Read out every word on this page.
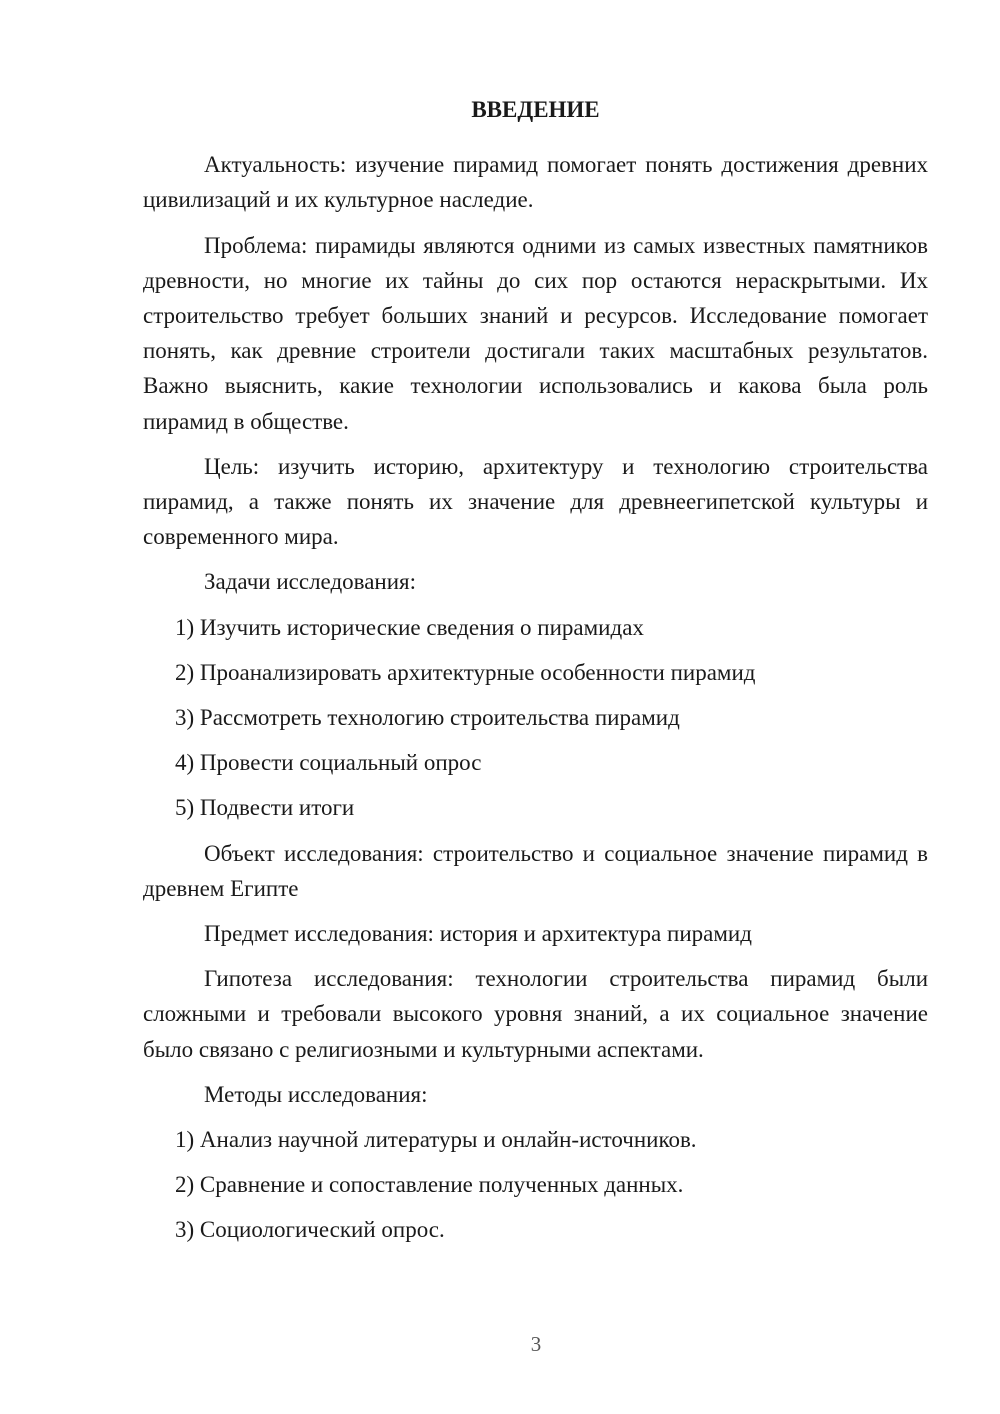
ВВЕДЕНИЕ

Актуальность: изучение пирамид помогает понять достижения древних цивилизаций и их культурное наследие.

Проблема: пирамиды являются одними из самых известных памятников древности, но многие их тайны до сих пор остаются нераскрытыми. Их строительство требует больших знаний и ресурсов. Исследование помогает понять, как древние строители достигали таких масштабных результатов. Важно выяснить, какие технологии использовались и какова была роль пирамид в обществе.

Цель: изучить историю, архитектуру и технологию строительства пирамид, а также понять их значение для древнеегипетской культуры и современного мира.

Задачи исследования:

1) Изучить исторические сведения о пирамидах
2) Проанализировать архитектурные особенности пирамид
3) Рассмотреть технологию строительства пирамид
4) Провести социальный опрос
5) Подвести итоги

Объект исследования: строительство и социальное значение пирамид в древнем Египте

Предмет исследования: история и архитектура пирамид

Гипотеза исследования: технологии строительства пирамид были сложными и требовали высокого уровня знаний, а их социальное значение было связано с религиозными и культурными аспектами.

Методы исследования:

1) Анализ научной литературы и онлайн-источников.
2) Сравнение и сопоставление полученных данных.
3) Социологический опрос.
3
